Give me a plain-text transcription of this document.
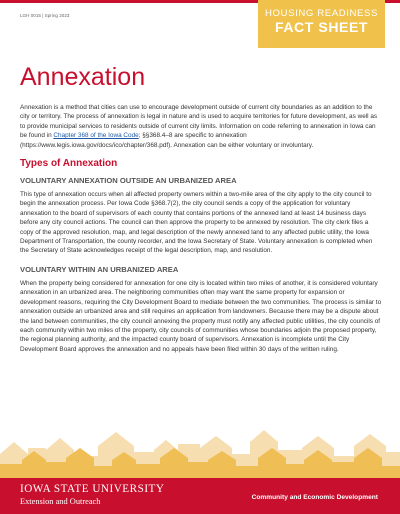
LGH 0015 | Spring 2023	HOUSING READINESS
FACT SHEET
Annexation

Annexation is a method that cities can use to encourage development outside of current city boundaries as an addition to the city or territory. The process of annexation is legal in nature and is used to acquire territories for future development, as well as to provide municipal services to residents outside of current city limits. Information on code referring to annexation in Iowa can be found in Chapter 368 of the Iowa Code; §§368.4–8 are specific to annexation (https://www.legis.iowa.gov/docs/ico/chapter/368.pdf). Annexation can be either voluntary or involuntary.

Types of Annexation
VOLUNTARY ANNEXATION OUTSIDE AN URBANIZED AREA

This type of annexation occurs when all affected property owners within a two-mile area of the city apply to the city council to begin the annexation process. Per Iowa Code §368.7(2), the city council sends a copy of the application for voluntary annexation to the board of supervisors of each county that contains portions of the annexed land at least 14 business days before any city council actions. The council can then approve the property to be annexed by resolution. The city clerk files a copy of the approved resolution, map, and legal description of the newly annexed land to any affected public utility, the Iowa Department of Transportation, the county recorder, and the Iowa Secretary of State. Voluntary annexation is completed when the Secretary of State acknowledges receipt of the legal description, map, and resolution.

VOLUNTARY WITHIN AN URBANIZED AREA

When the property being considered for annexation for one city is located within two miles of another, it is considered voluntary annexation in an urbanized area. The neighboring communities often may want the same property for expansion or development reasons, requiring the City Development Board to mediate between the two communities. The process is similar to annexation outside an urbanized area and still requires an application from landowners. Because there may be a dispute about the land between communities, the city council annexing the property must notify any affected public utilities, the city councils of each community within two miles of the property, city councils of communities whose boundaries adjoin the proposed property, the regional planning authority, and the impacted county board of supervisors. Annexation is incomplete until the City Development Board approves the annexation and no appeals have been filed within 30 days of the written ruling.

IOWA STATE UNIVERSITY
Extension and Outreach	Community and Economic Development
